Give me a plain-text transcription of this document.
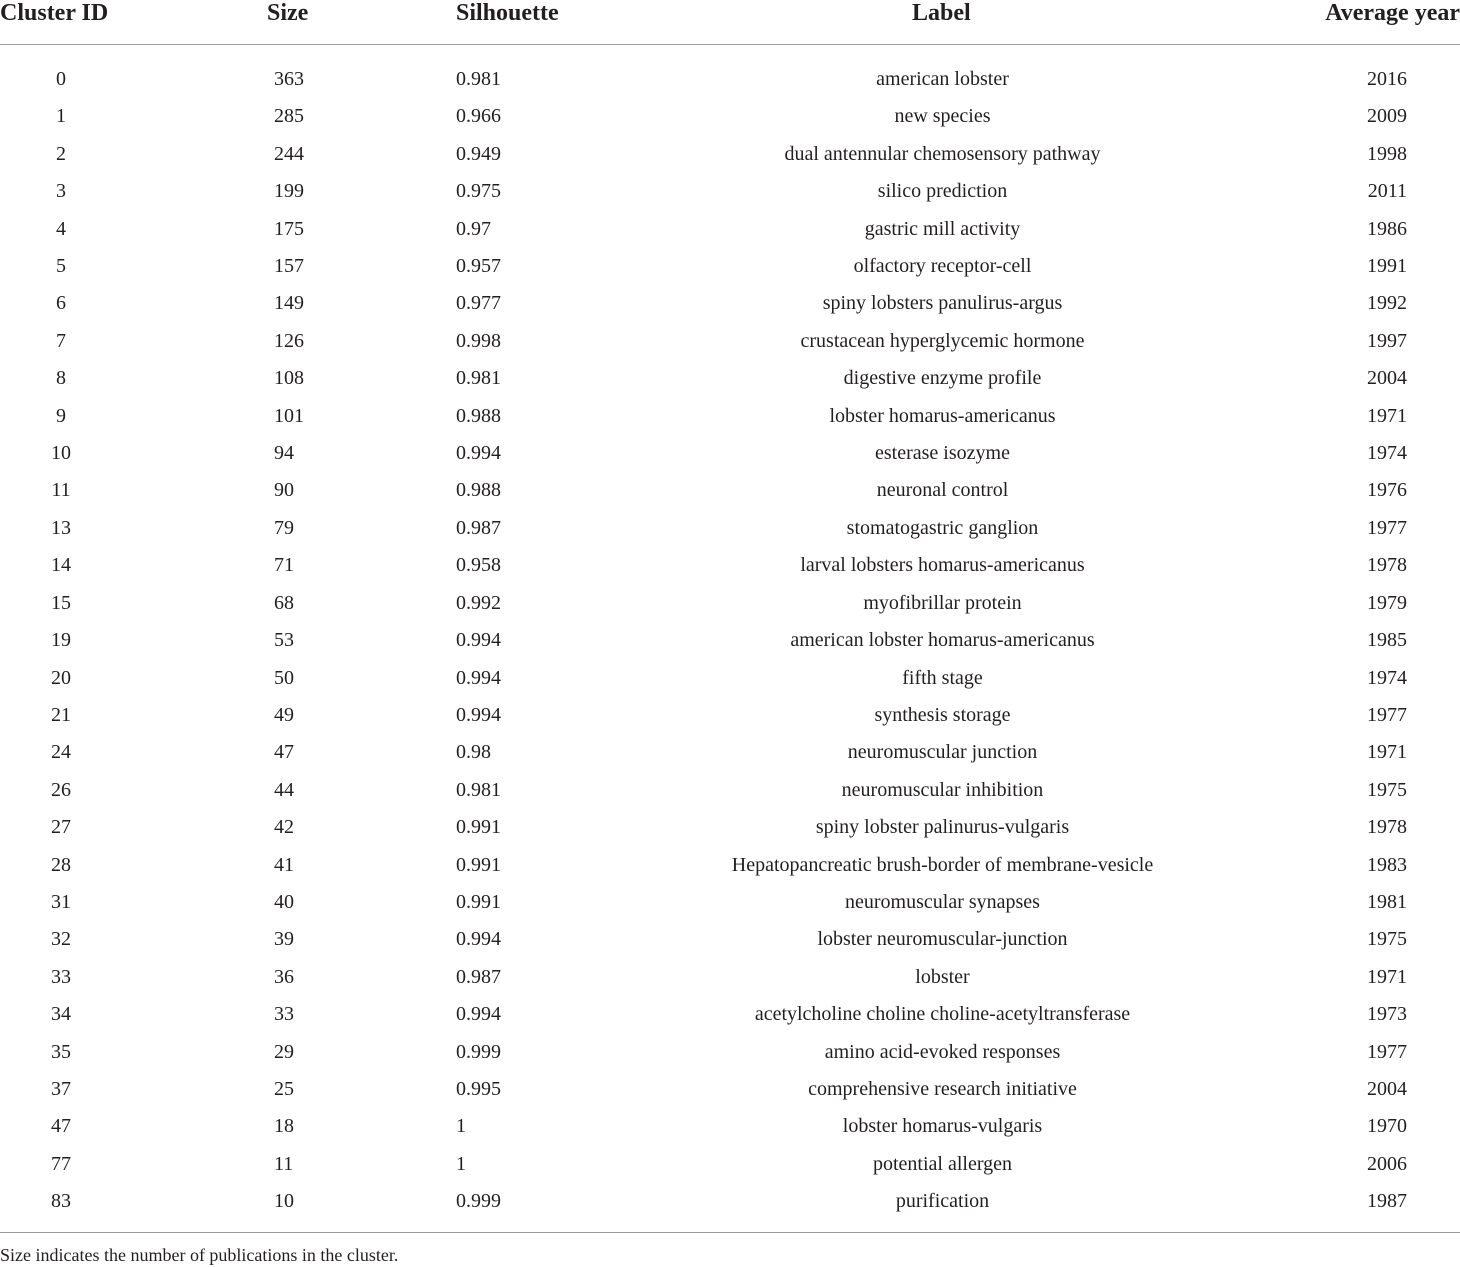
Cluster ID	Size	Silhouette	Label	Average year

0	363	0.981	american lobster	2016
1	285	0.966	new species	2009
2	244	0.949	dual antennular chemosensory pathway	1998
3	199	0.975	silico prediction	2011
4	175	0.97	gastric mill activity	1986
5	157	0.957	olfactory receptor-cell	1991
6	149	0.977	spiny lobsters panulirus-argus	1992
7	126	0.998	crustacean hyperglycemic hormone	1997
8	108	0.981	digestive enzyme profile	2004
9	101	0.988	lobster homarus-americanus	1971
10	94	0.994	esterase isozyme	1974
11	90	0.988	neuronal control	1976
13	79	0.987	stomatogastric ganglion	1977
14	71	0.958	larval lobsters homarus-americanus	1978
15	68	0.992	myofibrillar protein	1979
19	53	0.994	american lobster homarus-americanus	1985
20	50	0.994	fifth stage	1974
21	49	0.994	synthesis storage	1977
24	47	0.98	neuromuscular junction	1971
26	44	0.981	neuromuscular inhibition	1975
27	42	0.991	spiny lobster palinurus-vulgaris	1978
28	41	0.991	Hepatopancreatic brush-border of membrane-vesicle	1983
31	40	0.991	neuromuscular synapses	1981
32	39	0.994	lobster neuromuscular-junction	1975
33	36	0.987	lobster	1971
34	33	0.994	acetylcholine choline choline-acetyltransferase	1973
35	29	0.999	amino acid-evoked responses	1977
37	25	0.995	comprehensive research initiative	2004
47	18	1	lobster homarus-vulgaris	1970
77	11	1	potential allergen	2006
83	10	0.999	purification	1987
Size indicates the number of publications in the cluster.
